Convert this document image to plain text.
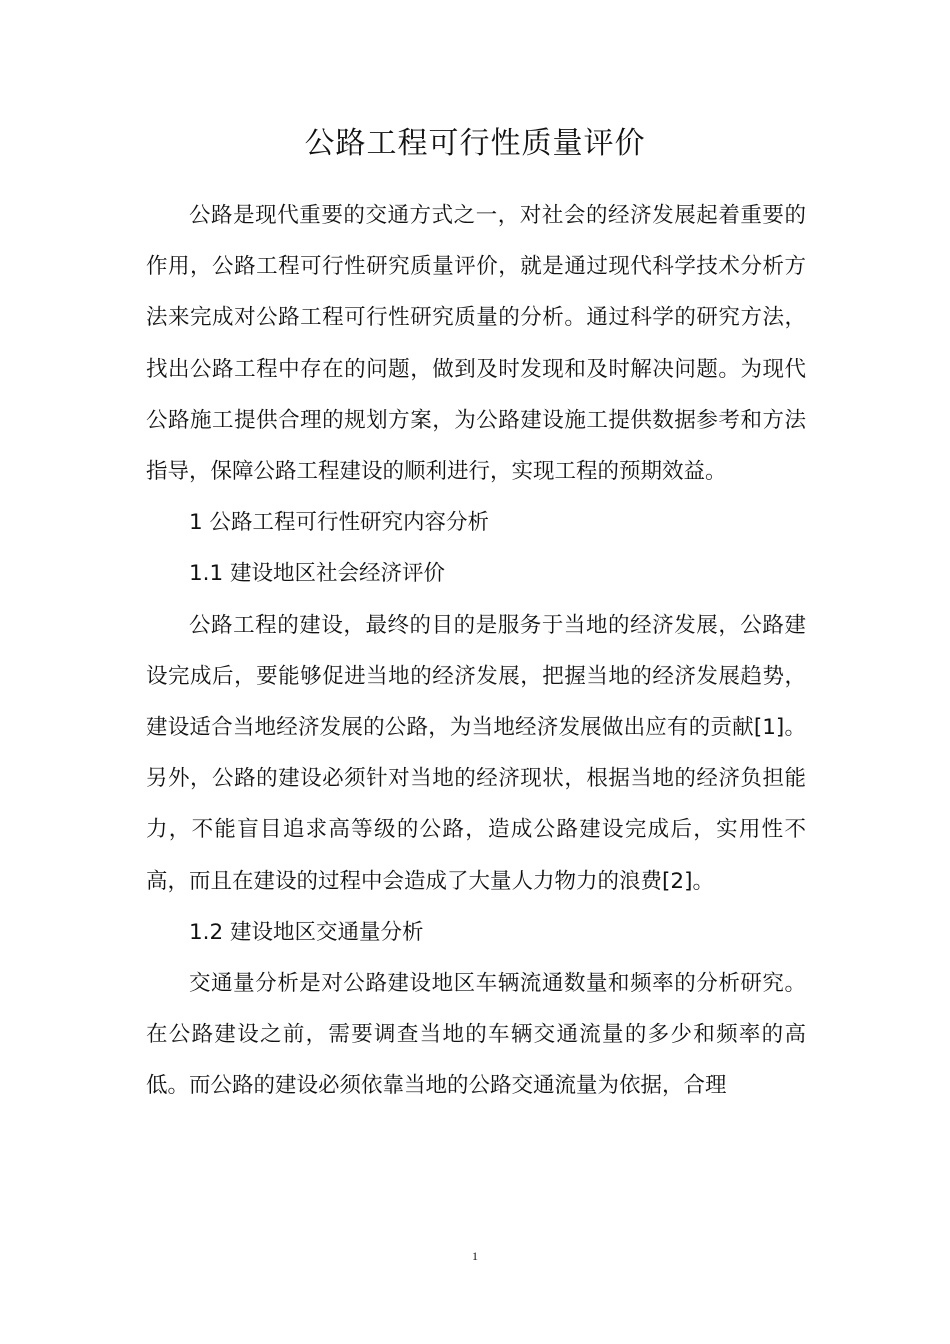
公路工程可行性质量评价

公路是现代重要的交通方式之一，对社会的经济发展起着重要的作用，公路工程可行性研究质量评价，就是通过现代科学技术分析方法来完成对公路工程可行性研究质量的分析。通过科学的研究方法，找出公路工程中存在的问题，做到及时发现和及时解决问题。为现代公路施工提供合理的规划方案，为公路建设施工提供数据参考和方法指导，保障公路工程建设的顺利进行，实现工程的预期效益。

1 公路工程可行性研究内容分析

1.1 建设地区社会经济评价

公路工程的建设，最终的目的是服务于当地的经济发展，公路建设完成后，要能够促进当地的经济发展，把握当地的经济发展趋势，建设适合当地经济发展的公路，为当地经济发展做出应有的贡献[1]。另外，公路的建设必须针对当地的经济现状，根据当地的经济负担能力，不能盲目追求高等级的公路，造成公路建设完成后，实用性不高，而且在建设的过程中会造成了大量人力物力的浪费[2]。

1.2 建设地区交通量分析

交通量分析是对公路建设地区车辆流通数量和频率的分析研究。在公路建设之前，需要调查当地的车辆交通流量的多少和频率的高低。而公路的建设必须依靠当地的公路交通流量为依据，合理

1
